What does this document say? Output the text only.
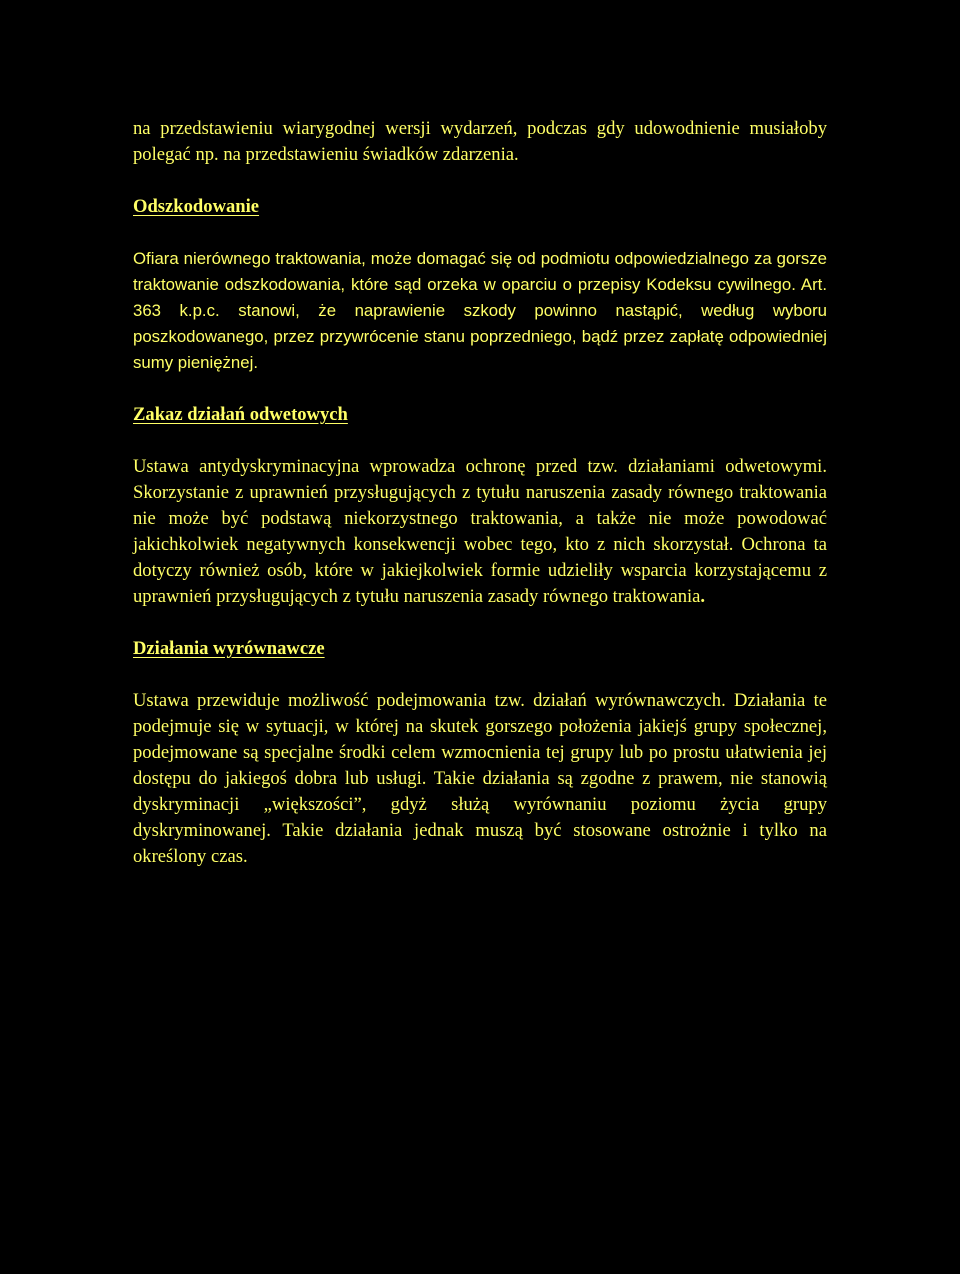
na przedstawieniu wiarygodnej wersji wydarzeń, podczas gdy udowodnienie musiałoby polegać np. na przedstawieniu świadków zdarzenia.

Odszkodowanie

Ofiara nierównego traktowania, może domagać się od podmiotu odpowiedzialnego za gorsze traktowanie odszkodowania, które sąd orzeka w oparciu o przepisy Kodeksu cywilnego. Art. 363 k.p.c. stanowi, że naprawienie szkody powinno nastąpić, według wyboru poszkodowanego, przez przywrócenie stanu poprzedniego, bądź przez zapłatę odpowiedniej sumy pieniężnej.

Zakaz działań odwetowych

Ustawa antydyskryminacyjna wprowadza ochronę przed tzw. działaniami odwetowymi. Skorzystanie z uprawnień przysługujących z tytułu naruszenia zasady równego traktowania nie może być podstawą niekorzystnego traktowania, a także nie może powodować jakichkolwiek negatywnych konsekwencji wobec tego, kto z nich skorzystał. Ochrona ta dotyczy również osób, które w jakiejkolwiek formie udzieliły wsparcia korzystającemu z uprawnień przysługujących z tytułu naruszenia zasady równego traktowania.

Działania wyrównawcze

Ustawa przewiduje możliwość podejmowania tzw. działań wyrównawczych. Działania te podejmuje się w sytuacji, w której na skutek gorszego położenia jakiejś grupy społecznej, podejmowane są specjalne środki celem wzmocnienia tej grupy lub po prostu ułatwienia jej dostępu do jakiegoś dobra lub usługi. Takie działania są zgodne z prawem, nie stanowią dyskryminacji „większości”, gdyż służą wyrównaniu poziomu życia grupy dyskryminowanej. Takie działania jednak muszą być stosowane ostrożnie i tylko na określony czas.
